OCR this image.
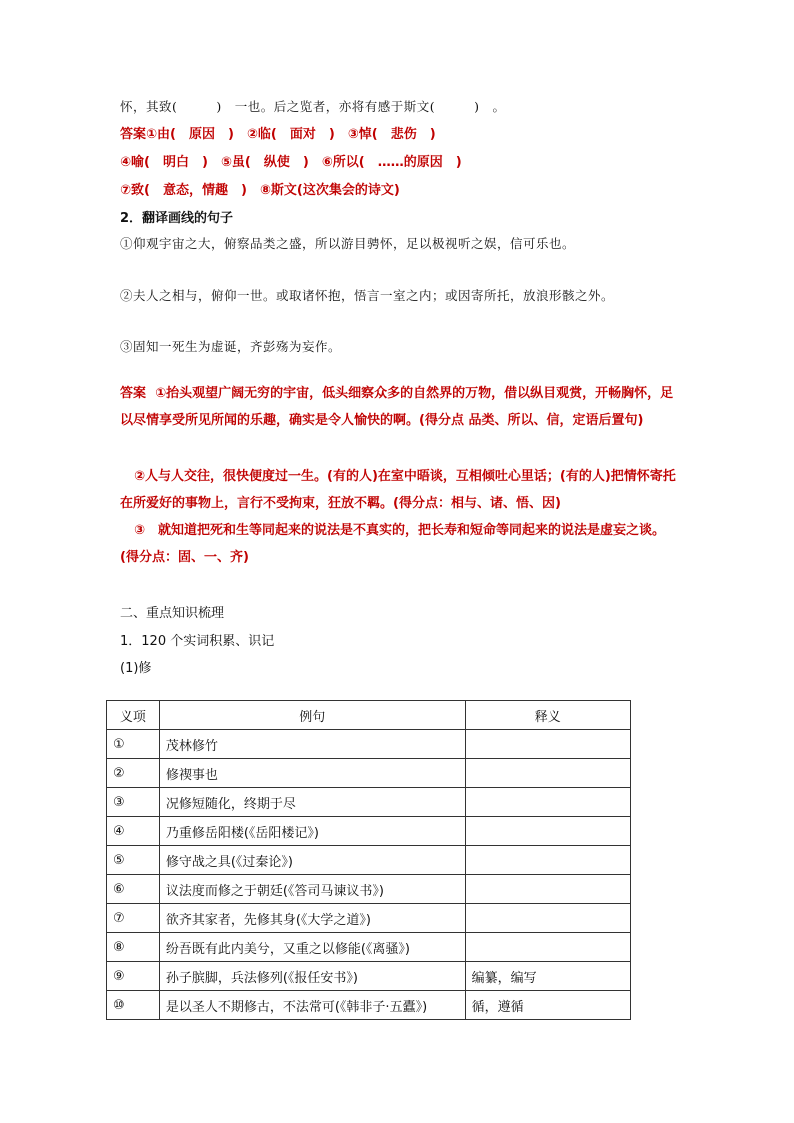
怀，其致(　　　)　一也。后之览者，亦将有感于斯文(　　　)　。
答案①由(　原因　)　②临(　面对　)　③悼(　悲伤　)
④喻(　明白　)　⑤虽(　纵使　)　⑥所以(　……的原因　)
⑦致(　意态，情趣　)　⑧斯文(这次集会的诗文)
2．翻译画线的句子
①仰观宇宙之大，俯察品类之盛，所以游目骋怀，足以极视听之娱，信可乐也。
②夫人之相与，俯仰一世。或取诸怀抱，悟言一室之内；或因寄所托，放浪形骸之外。
③固知一死生为虚诞，齐彭殇为妄作。
答案 ①抬头观望广阔无穷的宇宙，低头细察众多的自然界的万物，借以纵目观赏，开畅胸怀，足以尽情享受所见所闻的乐趣，确实是令人愉快的啊。(得分点 品类、所以、信，定语后置句)
②人与人交往，很快便度过一生。(有的人)在室中晤谈，互相倾吐心里话；(有的人)把情怀寄托在所爱好的事物上，言行不受拘束，狂放不羁。(得分点：相与、诸、悟、因)
③　就知道把死和生等同起来的说法是不真实的，把长寿和短命等同起来的说法是虚妄之谈。(得分点：固、一、齐)
二、重点知识梳理
1．120 个实词积累、识记
(1)修
义项	例句	释义
①	茂林修竹	
②	修禊事也	
③	况修短随化，终期于尽	
④	乃重修岳阳楼(《岳阳楼记》)	
⑤	修守战之具(《过秦论》)	
⑥	议法度而修之于朝廷(《答司马谏议书》)	
⑦	欲齐其家者，先修其身(《大学之道》)	
⑧	纷吾既有此内美兮，又重之以修能(《离骚》)	
⑨	孙子膑脚，兵法修列(《报任安书》)	编纂，编写
⑩	是以圣人不期修古，不法常可(《韩非子·五蠹》)	循，遵循
